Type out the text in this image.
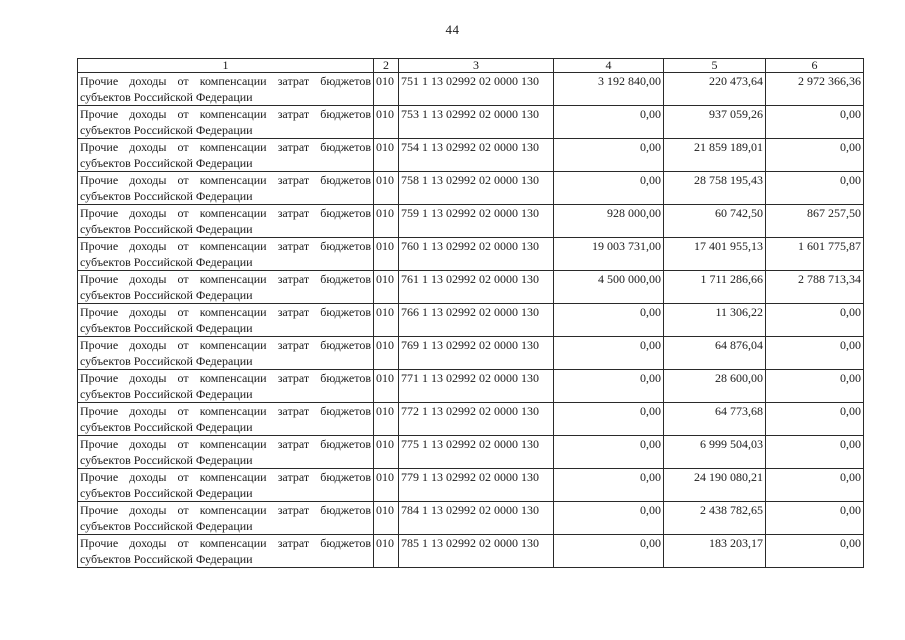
44
1	2	3	4	5	6
Прочие доходы от компенсации затрат бюджетов субъектов Российской Федерации	010	751 1 13 02992 02 0000 130	3 192 840,00	220 473,64	2 972 366,36
Прочие доходы от компенсации затрат бюджетов субъектов Российской Федерации	010	753 1 13 02992 02 0000 130	0,00	937 059,26	0,00
Прочие доходы от компенсации затрат бюджетов субъектов Российской Федерации	010	754 1 13 02992 02 0000 130	0,00	21 859 189,01	0,00
Прочие доходы от компенсации затрат бюджетов субъектов Российской Федерации	010	758 1 13 02992 02 0000 130	0,00	28 758 195,43	0,00
Прочие доходы от компенсации затрат бюджетов субъектов Российской Федерации	010	759 1 13 02992 02 0000 130	928 000,00	60 742,50	867 257,50
Прочие доходы от компенсации затрат бюджетов субъектов Российской Федерации	010	760 1 13 02992 02 0000 130	19 003 731,00	17 401 955,13	1 601 775,87
Прочие доходы от компенсации затрат бюджетов субъектов Российской Федерации	010	761 1 13 02992 02 0000 130	4 500 000,00	1 711 286,66	2 788 713,34
Прочие доходы от компенсации затрат бюджетов субъектов Российской Федерации	010	766 1 13 02992 02 0000 130	0,00	11 306,22	0,00
Прочие доходы от компенсации затрат бюджетов субъектов Российской Федерации	010	769 1 13 02992 02 0000 130	0,00	64 876,04	0,00
Прочие доходы от компенсации затрат бюджетов субъектов Российской Федерации	010	771 1 13 02992 02 0000 130	0,00	28 600,00	0,00
Прочие доходы от компенсации затрат бюджетов субъектов Российской Федерации	010	772 1 13 02992 02 0000 130	0,00	64 773,68	0,00
Прочие доходы от компенсации затрат бюджетов субъектов Российской Федерации	010	775 1 13 02992 02 0000 130	0,00	6 999 504,03	0,00
Прочие доходы от компенсации затрат бюджетов субъектов Российской Федерации	010	779 1 13 02992 02 0000 130	0,00	24 190 080,21	0,00
Прочие доходы от компенсации затрат бюджетов субъектов Российской Федерации	010	784 1 13 02992 02 0000 130	0,00	2 438 782,65	0,00
Прочие доходы от компенсации затрат бюджетов субъектов Российской Федерации	010	785 1 13 02992 02 0000 130	0,00	183 203,17	0,00
